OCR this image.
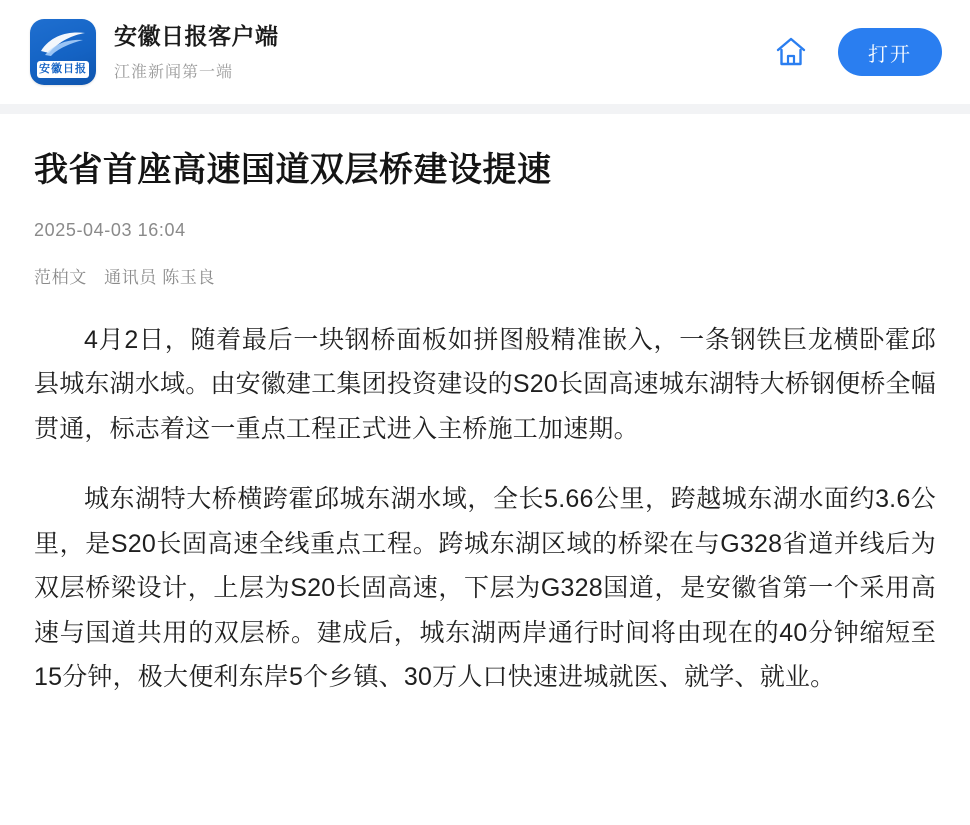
安徽日报
安徽日报客户端
江淮新闻第一端
打开
我省首座高速国道双层桥建设提速
2025-04-03 16:04
范柏文 通讯员 陈玉良

4月2日，随着最后一块钢桥面板如拼图般精准嵌入，一条钢铁巨龙横卧霍邱县城东湖水域。由安徽建工集团投资建设的S20长固高速城东湖特大桥钢便桥全幅贯通，标志着这一重点工程正式进入主桥施工加速期。

城东湖特大桥横跨霍邱城东湖水域，全长5.66公里，跨越城东湖水面约3.6公里，是S20长固高速全线重点工程。跨城东湖区域的桥梁在与G328省道并线后为双层桥梁设计，上层为S20长固高速，下层为G328国道，是安徽省第一个采用高速与国道共用的双层桥。建成后，城东湖两岸通行时间将由现在的40分钟缩短至15分钟，极大便利东岸5个乡镇、30万人口快速进城就医、就学、就业。
